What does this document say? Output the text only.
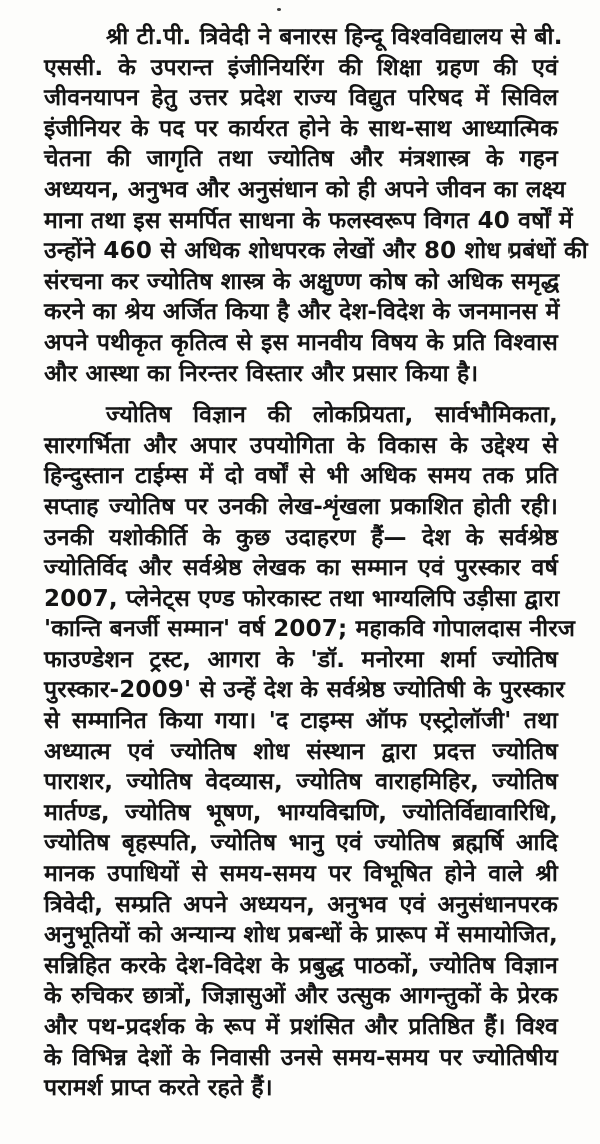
श्री टी.पी. त्रिवेदी ने बनारस हिन्दू विश्वविद्यालय से बी.
एससी. के उपरान्त इंजीनियरिंग की शिक्षा ग्रहण की एवं
जीवनयापन हेतु उत्तर प्रदेश राज्य विद्युत परिषद में सिविल
इंजीनियर के पद पर कार्यरत होने के साथ-साथ आध्यात्मिक
चेतना की जागृति तथा ज्योतिष और मंत्रशास्त्र के गहन
अध्ययन, अनुभव और अनुसंधान को ही अपने जीवन का लक्ष्य
माना तथा इस समर्पित साधना के फलस्वरूप विगत 40 वर्षों में
उन्होंने 460 से अधिक शोधपरक लेखों और 80 शोध प्रबंधों की
संरचना कर ज्योतिष शास्त्र के अक्षुण्ण कोष को अधिक समृद्ध
करने का श्रेय अर्जित किया है और देश-विदेश के जनमानस में
अपने पथीकृत कृतित्व से इस मानवीय विषय के प्रति विश्वास
और आस्था का निरन्तर विस्तार और प्रसार किया है।
ज्योतिष विज्ञान की लोकप्रियता, सार्वभौमिकता,
सारगर्भिता और अपार उपयोगिता के विकास के उद्देश्य से
हिन्दुस्तान टाईम्स में दो वर्षों से भी अधिक समय तक प्रति
सप्ताह ज्योतिष पर उनकी लेख-शृंखला प्रकाशित होती रही।
उनकी यशोकीर्ति के कुछ उदाहरण हैं— देश के सर्वश्रेष्ठ
ज्योतिर्विद और सर्वश्रेष्ठ लेखक का सम्मान एवं पुरस्कार वर्ष
2007, प्लेनेट्स एण्ड फोरकास्ट तथा भाग्यलिपि उड़ीसा द्वारा
'कान्ति बनर्जी सम्मान' वर्ष 2007; महाकवि गोपालदास नीरज
फाउण्डेशन ट्रस्ट, आगरा के 'डॉ. मनोरमा शर्मा ज्योतिष
पुरस्कार-2009' से उन्हें देश के सर्वश्रेष्ठ ज्योतिषी के पुरस्कार
से सम्मानित किया गया। 'द टाइम्स ऑफ एस्ट्रोलॉजी' तथा
अध्यात्म एवं ज्योतिष शोध संस्थान द्वारा प्रदत्त ज्योतिष
पाराशर, ज्योतिष वेदव्यास, ज्योतिष वाराहमिहिर, ज्योतिष
मार्तण्ड, ज्योतिष भूषण, भाग्यविद्मणि, ज्योतिर्विद्यावारिधि,
ज्योतिष बृहस्पति, ज्योतिष भानु एवं ज्योतिष ब्रह्मर्षि आदि
मानक उपाधियों से समय-समय पर विभूषित होने वाले श्री
त्रिवेदी, सम्प्रति अपने अध्ययन, अनुभव एवं अनुसंधानपरक
अनुभूतियों को अन्यान्य शोध प्रबन्धों के प्रारूप में समायोजित,
सन्निहित करके देश-विदेश के प्रबुद्ध पाठकों, ज्योतिष विज्ञान
के रुचिकर छात्रों, जिज्ञासुओं और उत्सुक आगन्तुकों के प्रेरक
और पथ-प्रदर्शक के रूप में प्रशंसित और प्रतिष्ठित हैं। विश्व
के विभिन्न देशों के निवासी उनसे समय-समय पर ज्योतिषीय
परामर्श प्राप्त करते रहते हैं।
